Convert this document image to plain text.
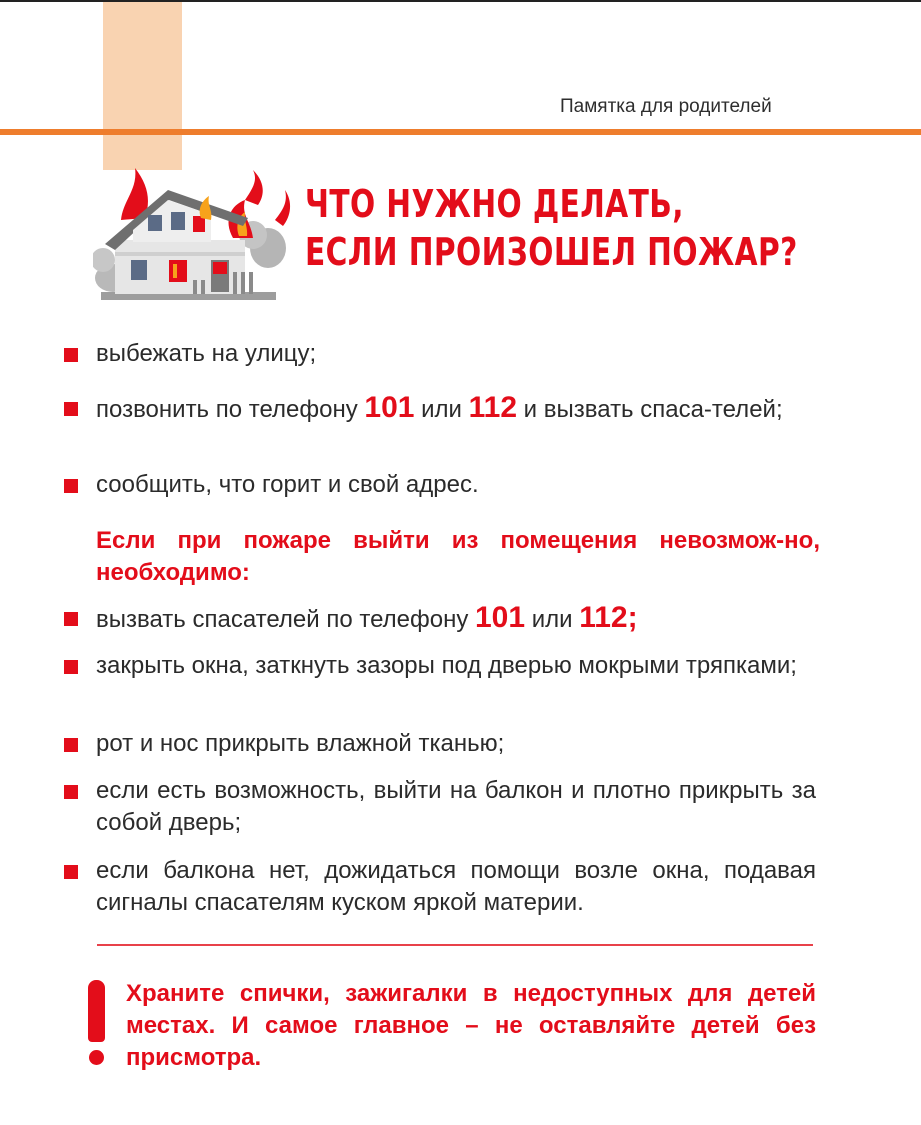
Памятка для родителей
ЧТО НУЖНО ДЕЛАТЬ,
ЕСЛИ ПРОИЗОШЕЛ ПОЖАР?
выбежать на улицу;
позвонить по телефону 101 или 112 и вызвать спаса-телей;
сообщить, что горит и свой адрес.
Если при пожаре выйти из помещения невозмож-но, необходимо:
вызвать спасателей по телефону 101 или 112;
закрыть окна, заткнуть зазоры под дверью мокрыми тряпками;
рот и нос прикрыть влажной тканью;
если есть возможность, выйти на балкон и плотно прикрыть за собой дверь;
если балкона нет, дожидаться помощи возле окна, подавая сигналы спасателям куском яркой материи.
Храните спички, зажигалки в недоступных для детей местах. И самое главное – не оставляйте детей без присмотра.
